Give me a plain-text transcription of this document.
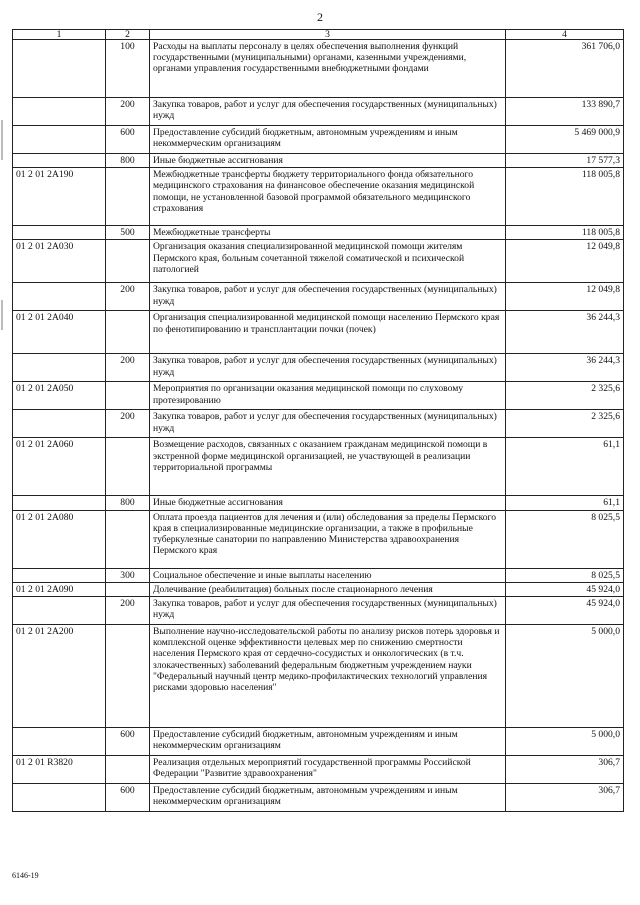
2
1	2	3	4
	100	Расходы на выплаты персоналу в целях обеспечения выполнения функций государственными (муниципальными) органами, казенными учреждениями, органами управления государственными внебюджетными фондами	361 706,0
	200	Закупка товаров, работ и услуг для обеспечения государственных (муниципальных) нужд	133 890,7
	600	Предоставление субсидий бюджетным, автономным учреждениям и иным некоммерческим организациям	5 469 000,9
	800	Иные бюджетные ассигнования	17 577,3
01 2 01 2А190		Межбюджетные трансферты бюджету территориального фонда обязательного медицинского страхования на финансовое обеспечение оказания медицинской помощи, не установленной базовой программой обязательного медицинского страхования	118 005,8
	500	Межбюджетные трансферты	118 005,8
01 2 01 2А030		Организация оказания специализированной медицинской помощи жителям Пермского края, больным сочетанной тяжелой соматической и психической патологией	12 049,8
	200	Закупка товаров, работ и услуг для обеспечения государственных (муниципальных) нужд	12 049,8
01 2 01 2А040		Организация специализированной медицинской помощи населению Пермского края по фенотипированию и трансплантации почки (почек)	36 244,3
	200	Закупка товаров, работ и услуг для обеспечения государственных (муниципальных) нужд	36 244,3
01 2 01 2А050		Мероприятия по организации оказания медицинской помощи по слуховому протезированию	2 325,6
	200	Закупка товаров, работ и услуг для обеспечения государственных (муниципальных) нужд	2 325,6
01 2 01 2А060		Возмещение расходов, связанных с оказанием гражданам медицинской помощи в экстренной форме медицинской организацией, не участвующей в реализации территориальной программы	61,1
	800	Иные бюджетные ассигнования	61,1
01 2 01 2А080		Оплата проезда пациентов для лечения и (или) обследования за пределы Пермского края в специализированные медицинские организации, а также в профильные туберкулезные санатории по направлению Министерства здравоохранения Пермского края	8 025,5
	300	Социальное обеспечение и иные выплаты населению	8 025,5
01 2 01 2А090		Долечивание (реабилитация) больных после стационарного лечения	45 924,0
	200	Закупка товаров, работ и услуг для обеспечения государственных (муниципальных) нужд	45 924,0
01 2 01 2А200		Выполнение научно-исследовательской работы по анализу рисков потерь здоровья и комплексной оценке эффективности целевых мер по снижению смертности населения Пермского края от сердечно-сосудистых и онкологических (в т.ч. злокачественных) заболеваний федеральным бюджетным учреждением науки "Федеральный научный центр медико-профилактических технологий управления рисками здоровью населения"	5 000,0
	600	Предоставление субсидий бюджетным, автономным учреждениям и иным некоммерческим организациям	5 000,0
01 2 01 R3820		Реализация отдельных мероприятий государственной программы Российской Федерации "Развитие здравоохранения"	306,7
	600	Предоставление субсидий бюджетным, автономным учреждениям и иным некоммерческим организациям	306,7
6146-19
